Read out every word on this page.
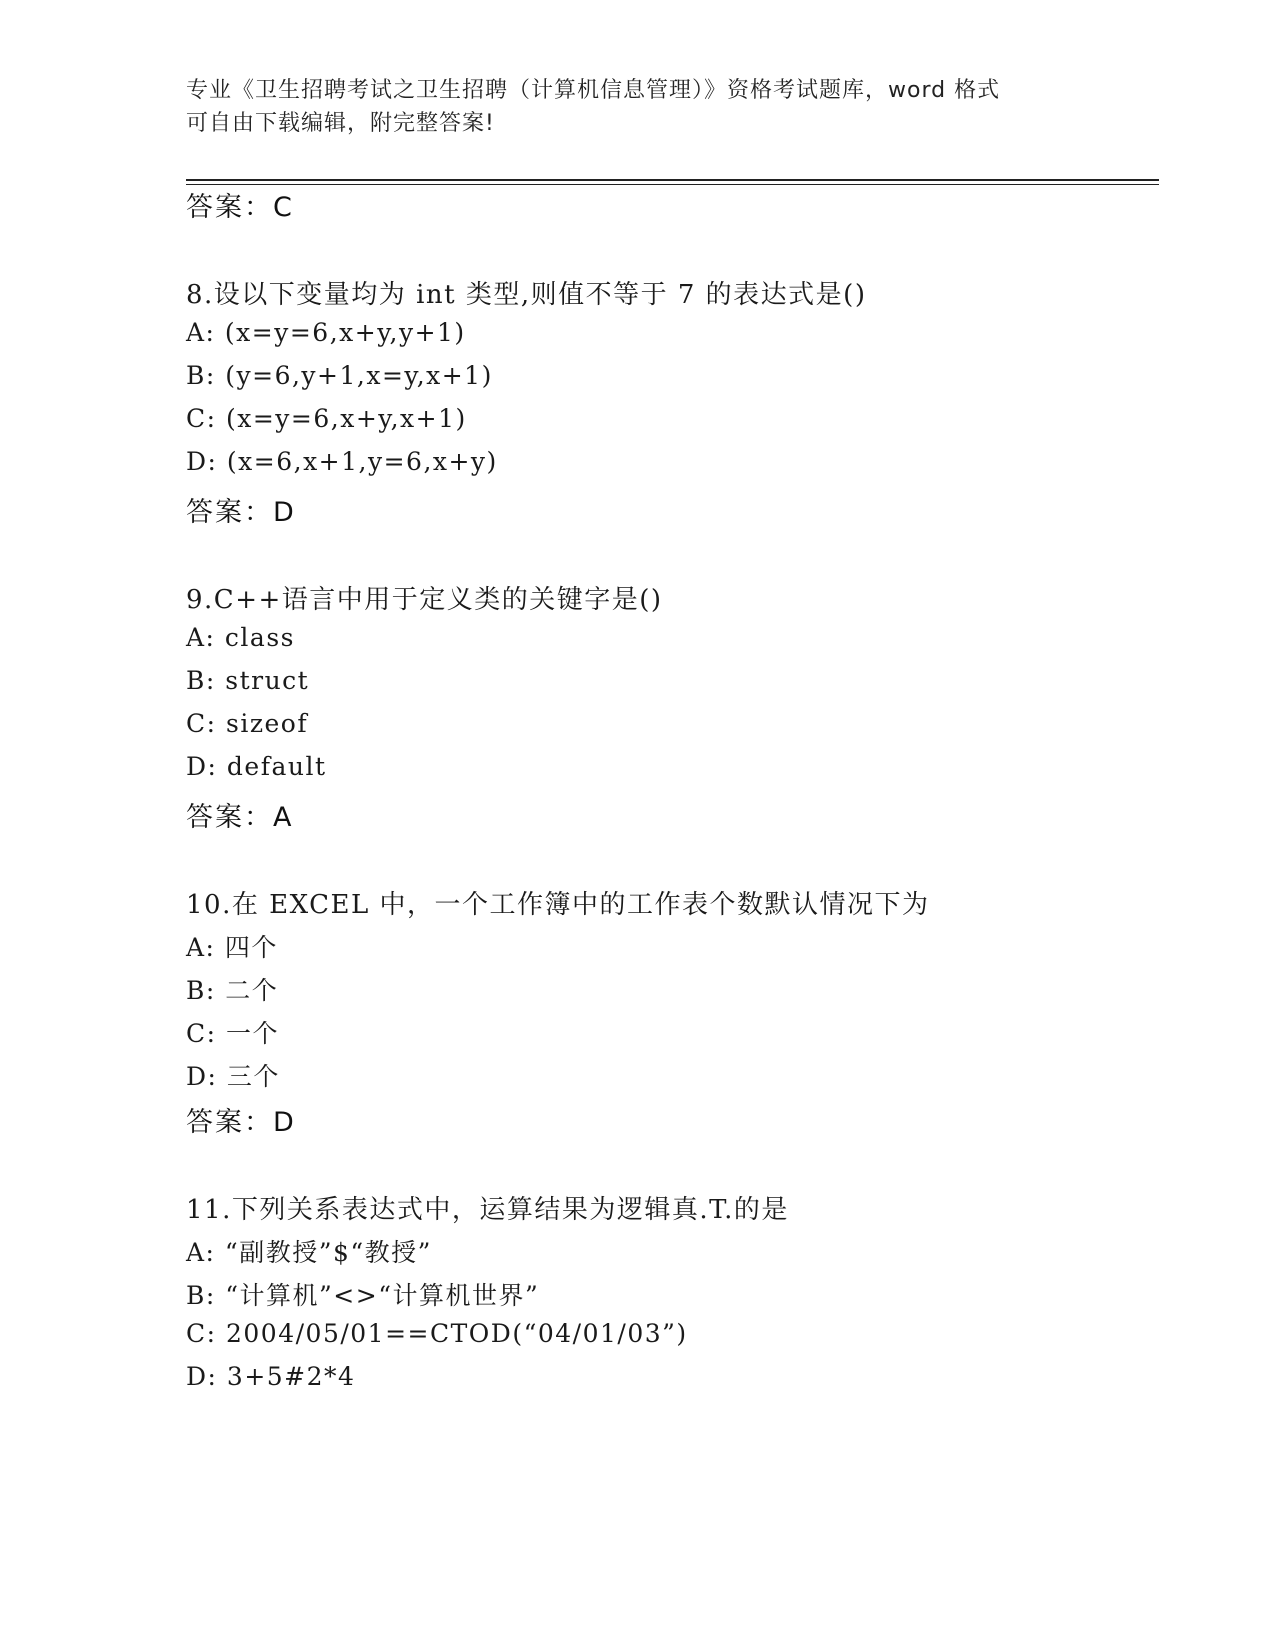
专业《卫生招聘考试之卫生招聘（计算机信息管理）》资格考试题库，word 格式
可自由下载编辑，附完整答案!
答案：C
8.设以下变量均为 int 类型,则值不等于 7 的表达式是()
A: (x=y=6,x+y,y+1)
B: (y=6,y+1,x=y,x+1)
C: (x=y=6,x+y,x+1)
D: (x=6,x+1,y=6,x+y)
答案：D
9.C++语言中用于定义类的关键字是()
A: class
B: struct
C: sizeof
D: default
答案：A
10.在 EXCEL 中，一个工作簿中的工作表个数默认情况下为
A: 四个
B: 二个
C: 一个
D: 三个
答案：D
11.下列关系表达式中，运算结果为逻辑真.T.的是
A: “副教授”$“教授”
B: “计算机”<>“计算机世界”
C: 2004/05/01==CTOD(“04/01/03”)
D: 3+5#2*4
